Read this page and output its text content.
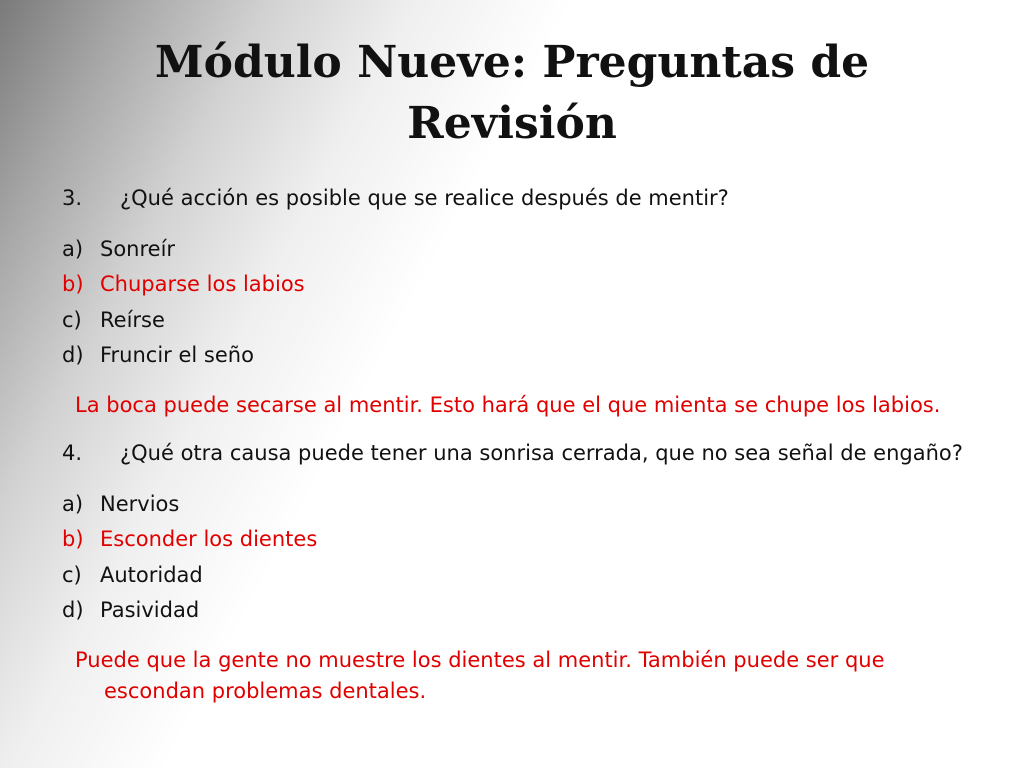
Módulo Nueve: Preguntas de
Revisión
3. ¿Qué acción es posible que se realice después de mentir?
a) Sonreír
b) Chuparse los labios
c) Reírse
d) Fruncir el seño
La boca puede secarse al mentir. Esto hará que el que mienta se chupe los labios.
4. ¿Qué otra causa puede tener una sonrisa cerrada, que no sea señal de engaño?
a) Nervios
b) Esconder los dientes
c) Autoridad
d) Pasividad
Puede que la gente no muestre los dientes al mentir. También puede ser que
escondan problemas dentales.
